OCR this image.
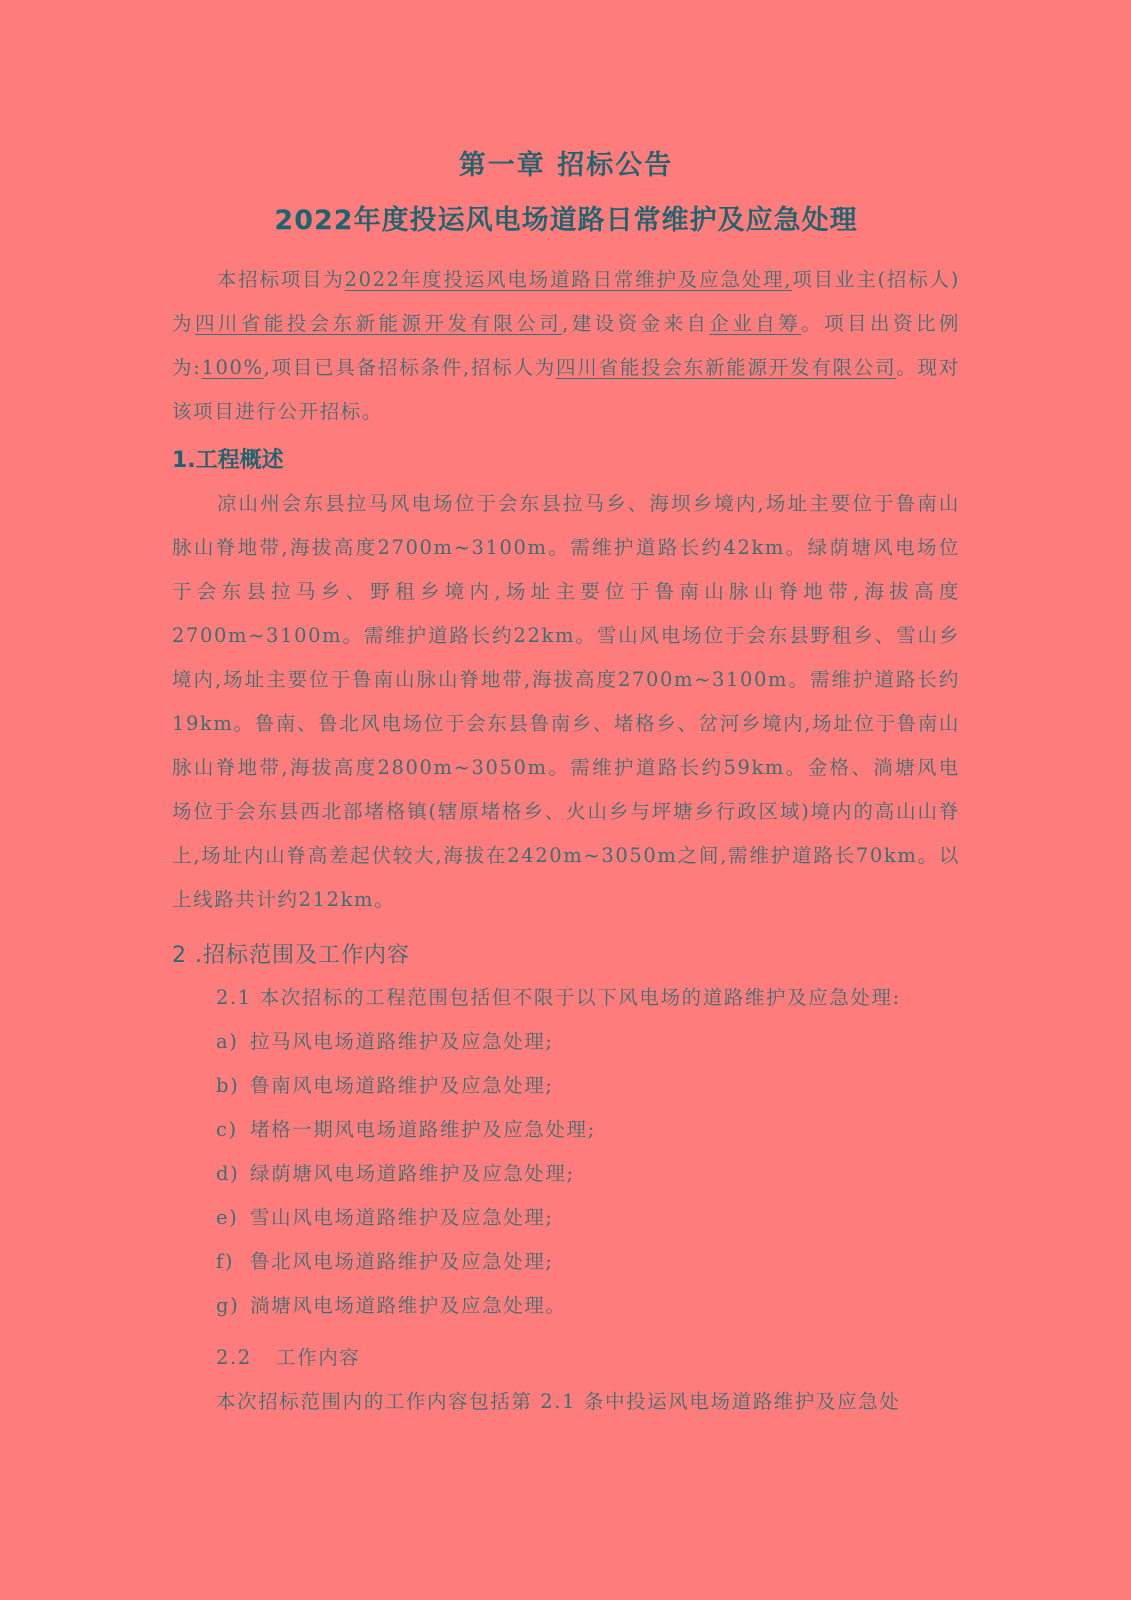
第一章 招标公告
2022年度投运风电场道路日常维护及应急处理

本招标项目为2022年度投运风电场道路日常维护及应急处理,项目业主(招标人)为四川省能投会东新能源开发有限公司,建设资金来自企业自筹。项目出资比例为:100%,项目已具备招标条件,招标人为四川省能投会东新能源开发有限公司。现对该项目进行公开招标。

1.工程概述

凉山州会东县拉马风电场位于会东县拉马乡、海坝乡境内,场址主要位于鲁南山脉山脊地带,海拔高度2700m~3100m。需维护道路长约42km。绿荫塘风电场位于会东县拉马乡、野租乡境内,场址主要位于鲁南山脉山脊地带,海拔高度2700m~3100m。需维护道路长约22km。雪山风电场位于会东县野租乡、雪山乡境内,场址主要位于鲁南山脉山脊地带,海拔高度2700m~3100m。需维护道路长约19km。鲁南、鲁北风电场位于会东县鲁南乡、堵格乡、岔河乡境内,场址位于鲁南山脉山脊地带,海拔高度2800m~3050m。需维护道路长约59km。金格、淌塘风电场位于会东县西北部堵格镇(辖原堵格乡、火山乡与坪塘乡行政区域)境内的高山山脊上,场址内山脊高差起伏较大,海拔在2420m~3050m之间,需维护道路长70km。以上线路共计约212km。

2 .招标范围及工作内容
2.1 本次招标的工程范围包括但不限于以下风电场的道路维护及应急处理:
a) 拉马风电场道路维护及应急处理;
b) 鲁南风电场道路维护及应急处理;
c) 堵格一期风电场道路维护及应急处理;
d) 绿荫塘风电场道路维护及应急处理;
e) 雪山风电场道路维护及应急处理;
f) 鲁北风电场道路维护及应急处理;
g) 淌塘风电场道路维护及应急处理。
2.2 工作内容
本次招标范围内的工作内容包括第 2.1 条中投运风电场道路维护及应急处
